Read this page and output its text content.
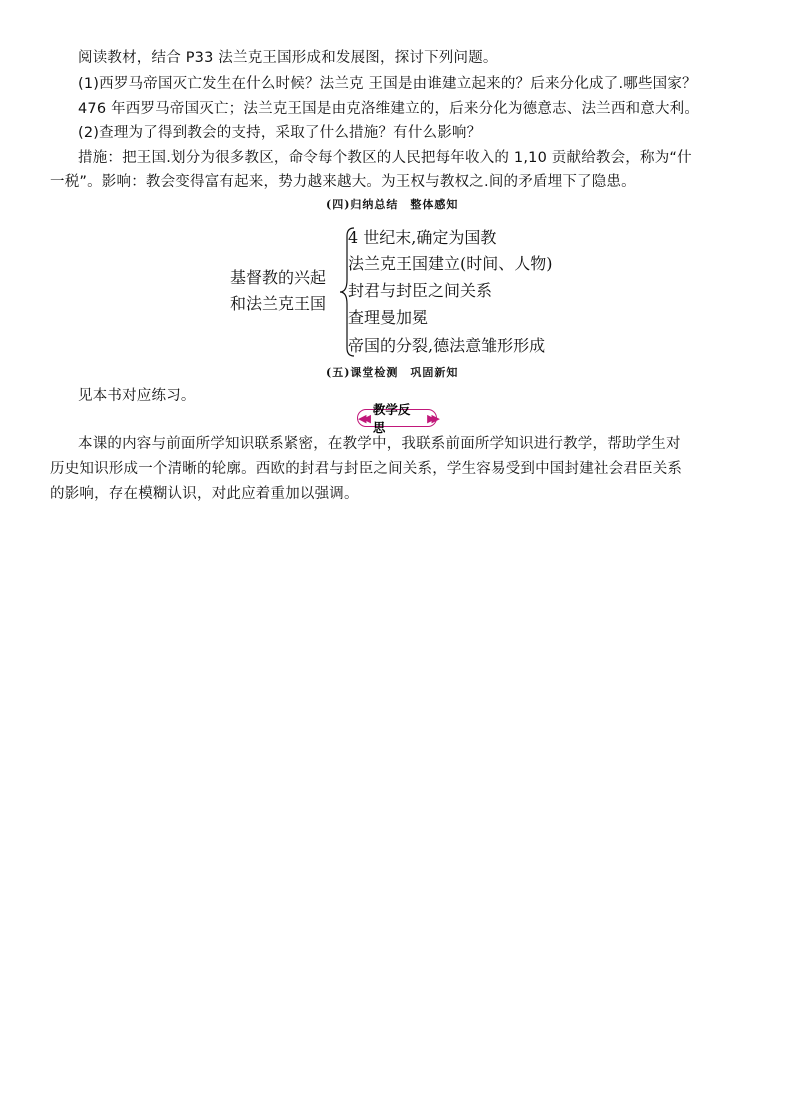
阅读教材，结合 P33 法兰克王国形成和发展图，探讨下列问题。
(1)西罗马帝国灭亡发生在什么时候？法兰克 王国是由谁建立起来的？后来分化成了.哪些国家？
476 年西罗马帝国灭亡；法兰克王国是由克洛维建立的，后来分化为德意志、法兰西和意大利。
(2)查理为了得到教会的支持，采取了什么措施？有什么影响？
措施：把王国.划分为很多教区，命令每个教区的人民把每年收入的 1,10 贡献给教会，称为“什
一税”。影响：教会变得富有起来，势力越来越大。为王权与教权之.间的矛盾埋下了隐患。
(四)归纳总结　整体感知
基督教的兴起
和法兰克王国
4 世纪末,确定为国教
法兰克王国建立(时间、人物)
封君与封臣之间关系
查理曼加冕
帝国的分裂,德法意雏形形成
(五)课堂检测　巩固新知
见本书对应练习。
◀◀
教学反思
▶▶
本课的内容与前面所学知识联系紧密，在教学中，我联系前面所学知识进行教学，帮助学生对
历史知识形成一个清晰的轮廓。西欧的封君与封臣之间关系，学生容易受到中国封建社会君臣关系
的影响，存在模糊认识，对此应着重加以强调。
